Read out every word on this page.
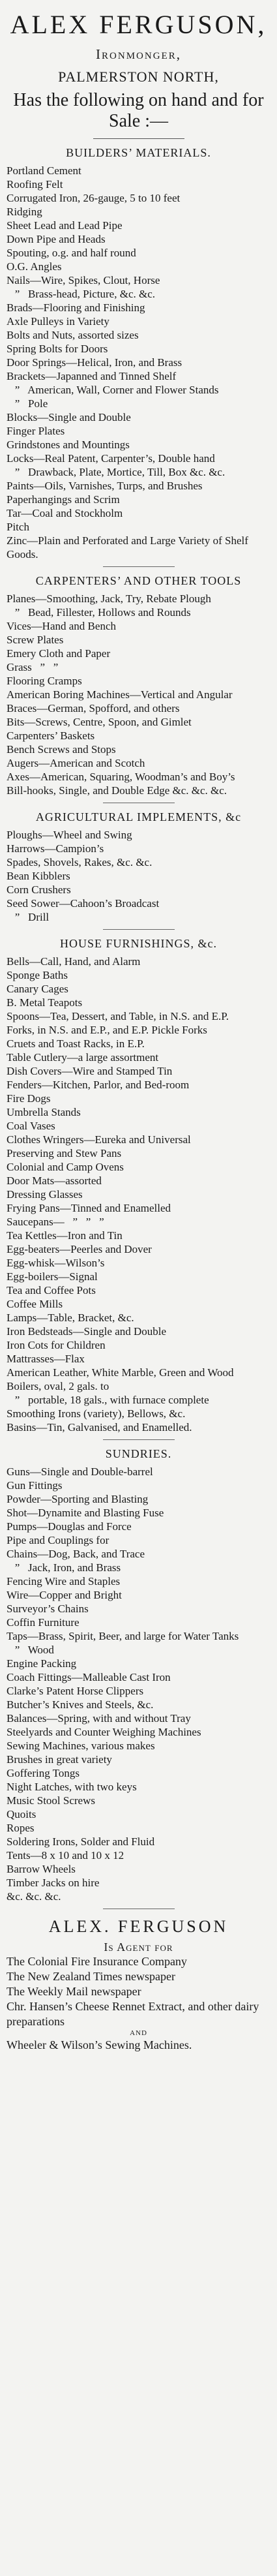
ALEX FERGUSON,
Ironmonger,
PALMERSTON NORTH,
Has the following on hand and for Sale :—
BUILDERS’ MATERIALS.
Portland Cement
Roofing Felt
Corrugated Iron, 26-gauge, 5 to 10 feet
Ridging
Sheet Lead and Lead Pipe
Down Pipe and Heads
Spouting, o.g. and half round
O.G. Angles
Nails—Wire, Spikes, Clout, Horse
”   Brass-head, Picture, &c. &c.
Brads—Flooring and Finishing
Axle Pulleys in Variety
Bolts and Nuts, assorted sizes
Spring Bolts for Doors
Door Springs—Helical, Iron, and Brass
Brackets—Japanned and Tinned Shelf
”   American, Wall, Corner and Flower Stands
”   Pole
Blocks—Single and Double
Finger Plates
Grindstones and Mountings
Locks—Real Patent, Carpenter’s, Double hand
”   Drawback, Plate, Mortice, Till, Box &c. &c.
Paints—Oils, Varnishes, Turps, and Brushes
Paperhangings and Scrim
Tar—Coal and Stockholm
Pitch
Zinc—Plain and Perforated and Large Variety of Shelf Goods.
CARPENTERS’ AND OTHER TOOLS
Planes—Smoothing, Jack, Try, Rebate Plough
”   Bead, Fillester, Hollows and Rounds
Vices—Hand and Bench
Screw Plates
Emery Cloth and Paper
Grass   ”   ”
Flooring Cramps
American Boring Machines—Vertical and Angular
Braces—German, Spofford, and others
Bits—Screws, Centre, Spoon, and Gimlet
Carpenters’ Baskets
Bench Screws and Stops
Augers—American and Scotch
Axes—American, Squaring, Woodman’s and Boy’s
Bill-hooks, Single, and Double Edge &c. &c. &c.
AGRICULTURAL IMPLEMENTS, &c
Ploughs—Wheel and Swing
Harrows—Campion’s
Spades, Shovels, Rakes, &c. &c.
Bean Kibblers
Corn Crushers
Seed Sower—Cahoon’s Broadcast
”   Drill
HOUSE FURNISHINGS, &c.
Bells—Call, Hand, and Alarm
Sponge Baths
Canary Cages
B. Metal Teapots
Spoons—Tea, Dessert, and Table, in N.S. and E.P.
Forks, in N.S. and E.P., and E.P. Pickle Forks
Cruets and Toast Racks, in E.P.
Table Cutlery—a large assortment
Dish Covers—Wire and Stamped Tin
Fenders—Kitchen, Parlor, and Bed-room
Fire Dogs
Umbrella Stands
Coal Vases
Clothes Wringers—Eureka and Universal
Preserving and Stew Pans
Colonial and Camp Ovens
Door Mats—assorted
Dressing Glasses
Frying Pans—Tinned and Enamelled
Saucepans—   ”   ”   ”
Tea Kettles—Iron and Tin
Egg-beaters—Peerles and Dover
Egg-whisk—Wilson’s
Egg-boilers—Signal
Tea and Coffee Pots
Coffee Mills
Lamps—Table, Bracket, &c.
Iron Bedsteads—Single and Double
Iron Cots for Children
Mattrasses—Flax
American Leather, White Marble, Green and Wood
Boilers, oval, 2 gals. to
”   portable, 18 gals., with furnace complete
Smoothing Irons (variety), Bellows, &c.
Basins—Tin, Galvanised, and Enamelled.
SUNDRIES.
Guns—Single and Double-barrel
Gun Fittings
Powder—Sporting and Blasting
Shot—Dynamite and Blasting Fuse
Pumps—Douglas and Force
Pipe and Couplings for
Chains—Dog, Back, and Trace
”   Jack, Iron, and Brass
Fencing Wire and Staples
Wire—Copper and Bright
Surveyor’s Chains
Coffin Furniture
Taps—Brass, Spirit, Beer, and large for Water Tanks
”   Wood
Engine Packing
Coach Fittings—Malleable Cast Iron
Clarke’s Patent Horse Clippers
Butcher’s Knives and Steels, &c.
Balances—Spring, with and without Tray
Steelyards and Counter Weighing Machines
Sewing Machines, various makes
Brushes in great variety
Goffering Tongs
Night Latches, with two keys
Music Stool Screws
Quoits
Ropes
Soldering Irons, Solder and Fluid
Tents—8 x 10 and 10 x 12
Barrow Wheels
Timber Jacks on hire
&c. &c. &c.
ALEX. FERGUSON
Is Agent for
The Colonial Fire Insurance Company
The New Zealand Times newspaper
The Weekly Mail newspaper
Chr. Hansen’s Cheese Rennet Extract, and other dairy preparations
AND
Wheeler & Wilson’s Sewing Machines.
